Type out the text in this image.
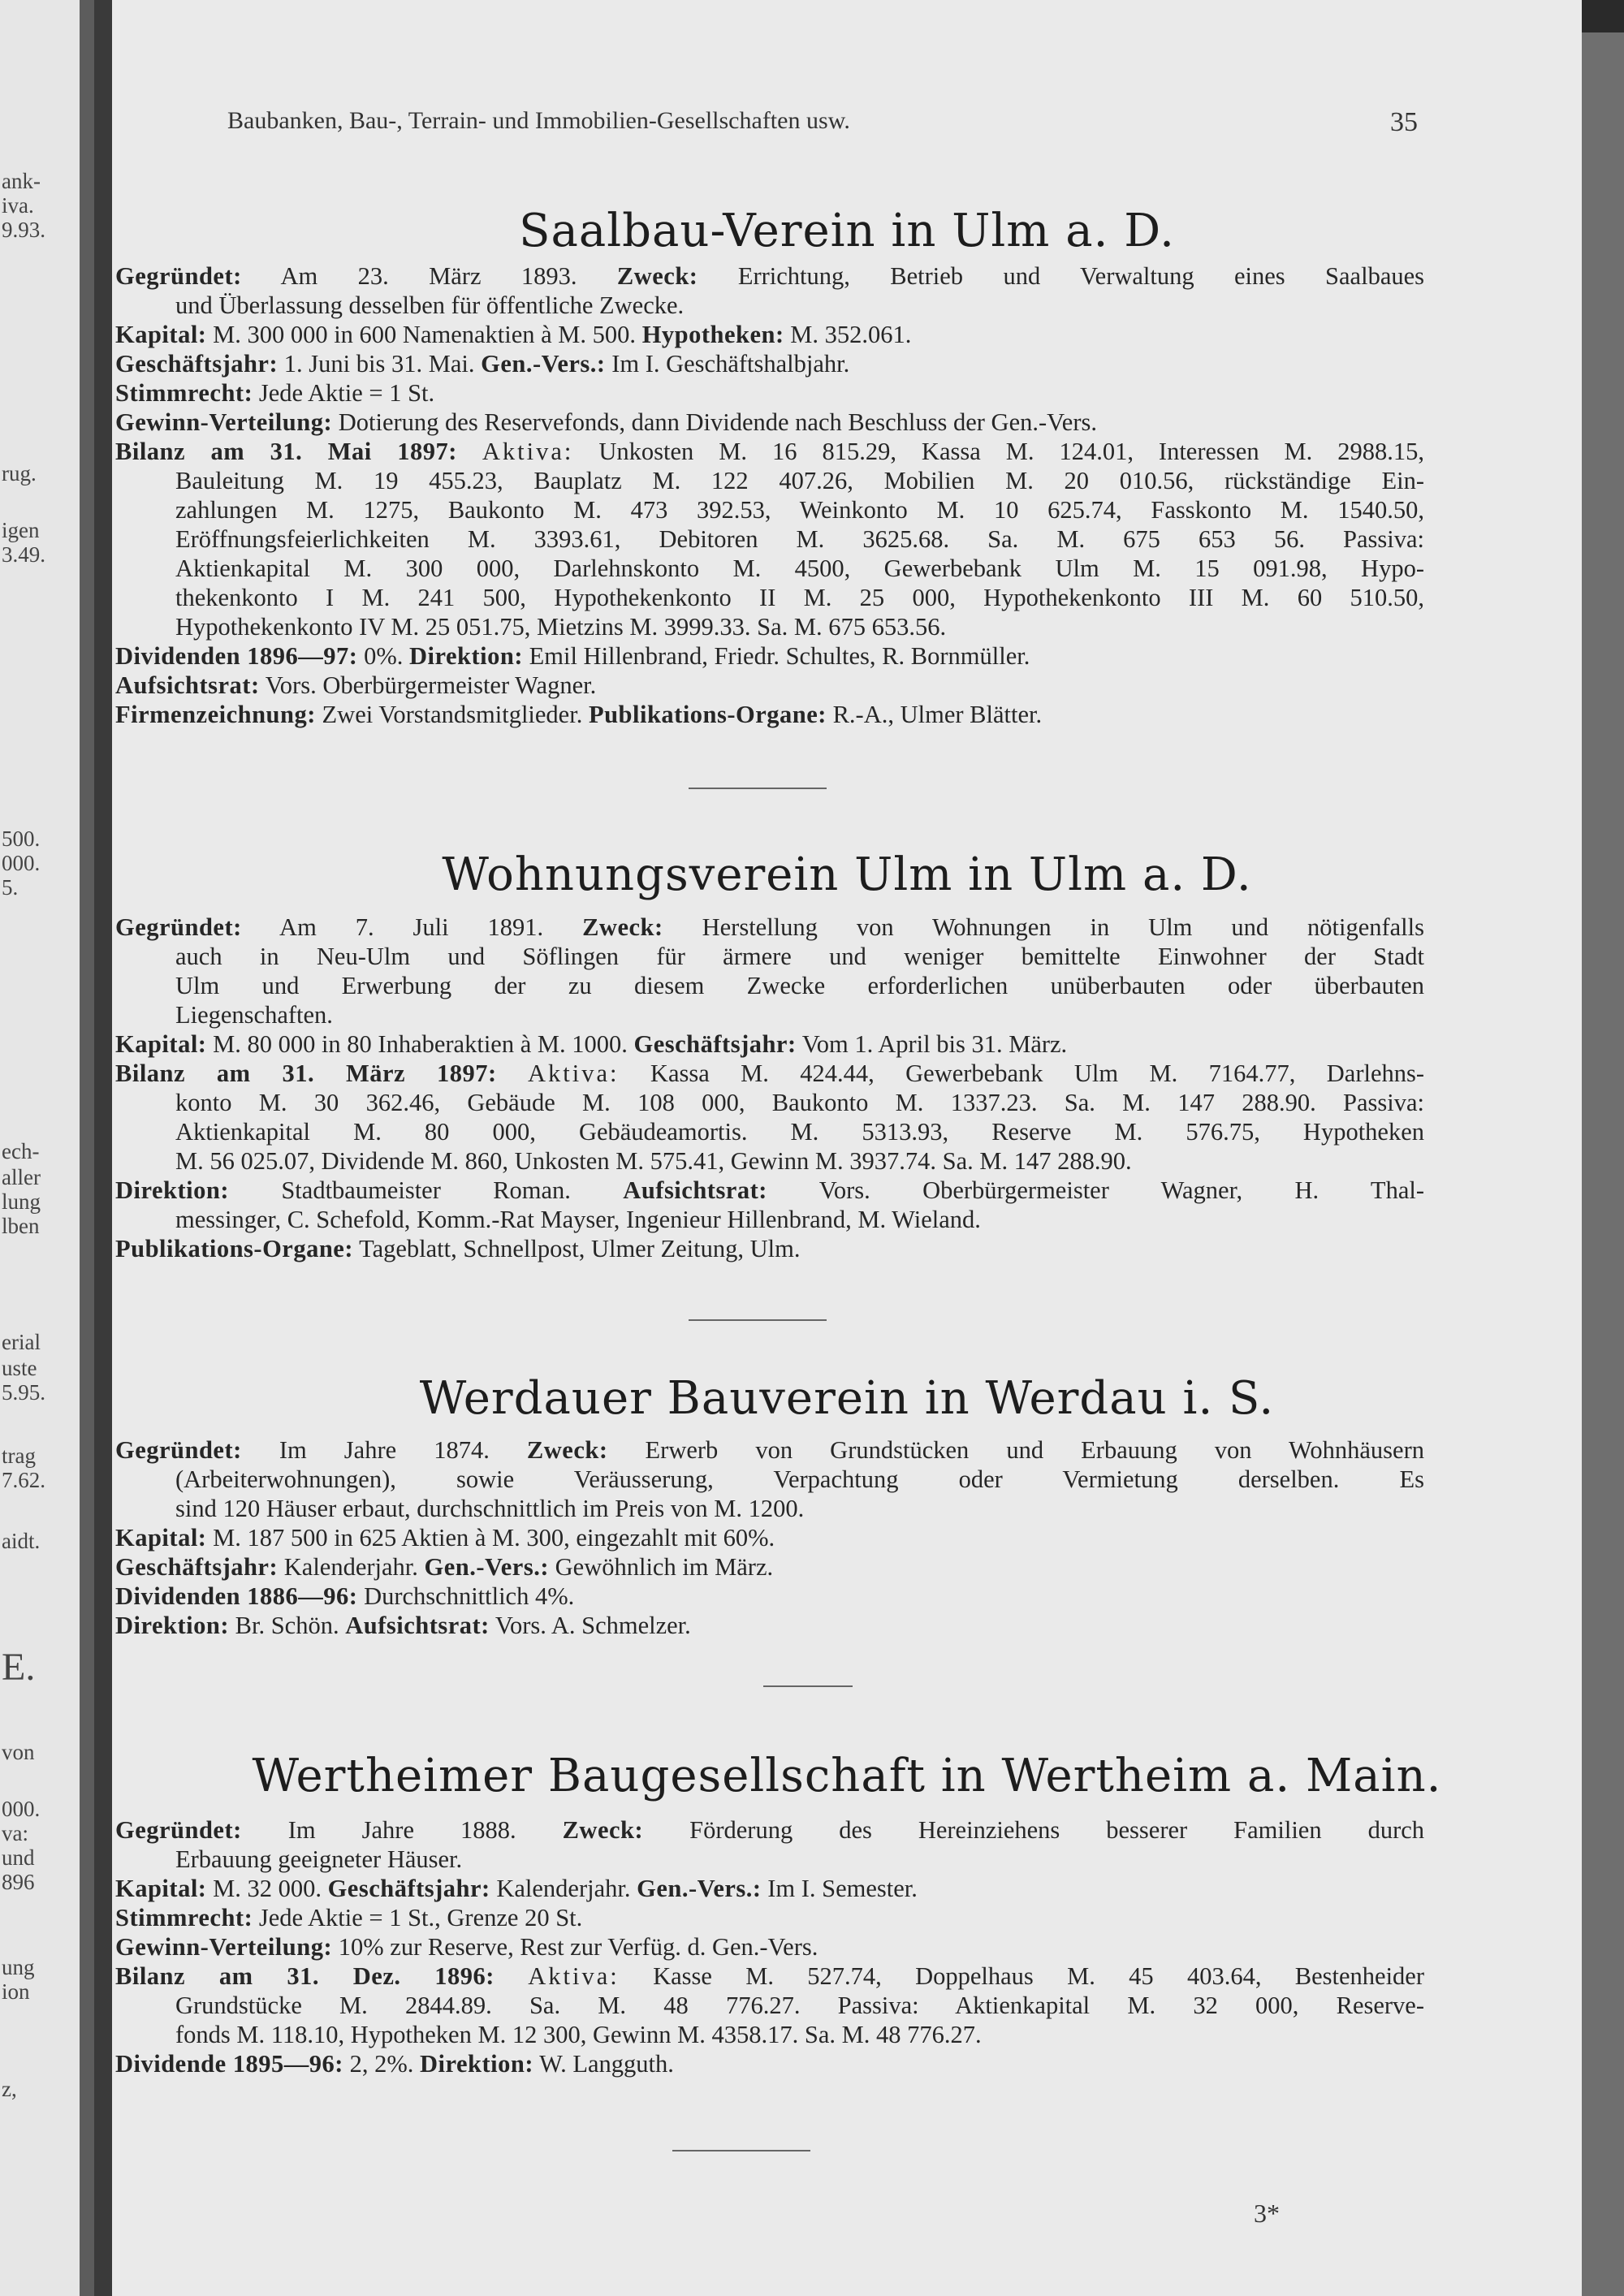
ank-
iva.
9.93.
rug.
igen
3.49.
500.
000.
5.
ech-
aller
lung
lben
erial
uste
5.95.
trag
7.62.
aidt.
E.
von
000.
va:
und
896
ung
ion
z,
Baubanken, Bau-, Terrain- und Immobilien-Gesellschaften usw.	35
Saalbau-Verein in Ulm a. D.
Gegründet: Am 23. März 1893. Zweck: Errichtung, Betrieb und Verwaltung eines Saalbaues
und Überlassung desselben für öffentliche Zwecke.
Kapital: M. 300 000 in 600 Namenaktien à M. 500. Hypotheken: M. 352.061.
Geschäftsjahr: 1. Juni bis 31. Mai. Gen.-Vers.: Im I. Geschäftshalbjahr.
Stimmrecht: Jede Aktie = 1 St.
Gewinn-Verteilung: Dotierung des Reservefonds, dann Dividende nach Beschluss der Gen.-Vers.
Bilanz am 31. Mai 1897: Aktiva: Unkosten M. 16 815.29, Kassa M. 124.01, Interessen M. 2988.15,
Bauleitung M. 19 455.23, Bauplatz M. 122 407.26, Mobilien M. 20 010.56, rückständige Ein-
zahlungen M. 1275, Baukonto M. 473 392.53, Weinkonto M. 10 625.74, Fasskonto M. 1540.50,
Eröffnungsfeierlichkeiten M. 3393.61, Debitoren M. 3625.68. Sa. M. 675 653 56. Passiva:
Aktienkapital M. 300 000, Darlehnskonto M. 4500, Gewerbebank Ulm M. 15 091.98, Hypo-
thekenkonto I M. 241 500, Hypothekenkonto II M. 25 000, Hypothekenkonto III M. 60 510.50,
Hypothekenkonto IV M. 25 051.75, Mietzins M. 3999.33. Sa. M. 675 653.56.
Dividenden 1896—97: 0%. Direktion: Emil Hillenbrand, Friedr. Schultes, R. Bornmüller.
Aufsichtsrat: Vors. Oberbürgermeister Wagner.
Firmenzeichnung: Zwei Vorstandsmitglieder. Publikations-Organe: R.-A., Ulmer Blätter.
Wohnungsverein Ulm in Ulm a. D.
Gegründet: Am 7. Juli 1891. Zweck: Herstellung von Wohnungen in Ulm und nötigenfalls
auch in Neu-Ulm und Söflingen für ärmere und weniger bemittelte Einwohner der Stadt
Ulm und Erwerbung der zu diesem Zwecke erforderlichen unüberbauten oder überbauten
Liegenschaften.
Kapital: M. 80 000 in 80 Inhaberaktien à M. 1000. Geschäftsjahr: Vom 1. April bis 31. März.
Bilanz am 31. März 1897: Aktiva: Kassa M. 424.44, Gewerbebank Ulm M. 7164.77, Darlehns-
konto M. 30 362.46, Gebäude M. 108 000, Baukonto M. 1337.23. Sa. M. 147 288.90. Passiva:
Aktienkapital M. 80 000, Gebäudeamortis. M. 5313.93, Reserve M. 576.75, Hypotheken
M. 56 025.07, Dividende M. 860, Unkosten M. 575.41, Gewinn M. 3937.74. Sa. M. 147 288.90.
Direktion: Stadtbaumeister Roman. Aufsichtsrat: Vors. Oberbürgermeister Wagner, H. Thal-
messinger, C. Schefold, Komm.-Rat Mayser, Ingenieur Hillenbrand, M. Wieland.
Publikations-Organe: Tageblatt, Schnellpost, Ulmer Zeitung, Ulm.
Werdauer Bauverein in Werdau i. S.
Gegründet: Im Jahre 1874. Zweck: Erwerb von Grundstücken und Erbauung von Wohnhäusern
(Arbeiterwohnungen), sowie Veräusserung, Verpachtung oder Vermietung derselben. Es
sind 120 Häuser erbaut, durchschnittlich im Preis von M. 1200.
Kapital: M. 187 500 in 625 Aktien à M. 300, eingezahlt mit 60%.
Geschäftsjahr: Kalenderjahr. Gen.-Vers.: Gewöhnlich im März.
Dividenden 1886—96: Durchschnittlich 4%.
Direktion: Br. Schön. Aufsichtsrat: Vors. A. Schmelzer.
Wertheimer Baugesellschaft in Wertheim a. Main.
Gegründet: Im Jahre 1888. Zweck: Förderung des Hereinziehens besserer Familien durch
Erbauung geeigneter Häuser.
Kapital: M. 32 000. Geschäftsjahr: Kalenderjahr. Gen.-Vers.: Im I. Semester.
Stimmrecht: Jede Aktie = 1 St., Grenze 20 St.
Gewinn-Verteilung: 10% zur Reserve, Rest zur Verfüg. d. Gen.-Vers.
Bilanz am 31. Dez. 1896: Aktiva: Kasse M. 527.74, Doppelhaus M. 45 403.64, Bestenheider
Grundstücke M. 2844.89. Sa. M. 48 776.27. Passiva: Aktienkapital M. 32 000, Reserve-
fonds M. 118.10, Hypotheken M. 12 300, Gewinn M. 4358.17. Sa. M. 48 776.27.
Dividende 1895—96: 2, 2%. Direktion: W. Langguth.
3*
